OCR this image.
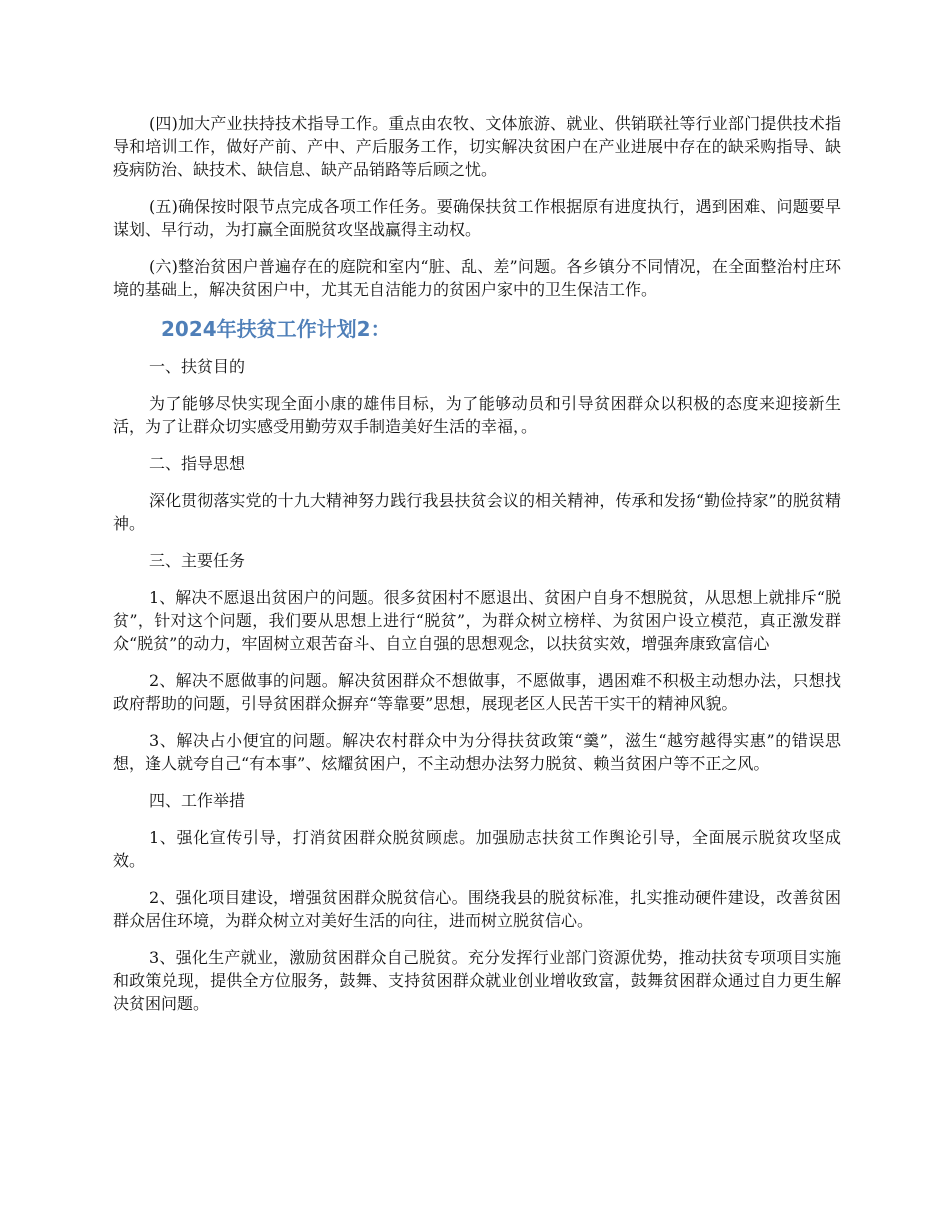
(四)加大产业扶持技术指导工作。重点由农牧、文体旅游、就业、供销联社等行业部门提供技术指导和培训工作，做好产前、产中、产后服务工作，切实解决贫困户在产业进展中存在的缺采购指导、缺疫病防治、缺技术、缺信息、缺产品销路等后顾之忧。

(五)确保按时限节点完成各项工作任务。要确保扶贫工作根据原有进度执行，遇到困难、问题要早谋划、早行动，为打赢全面脱贫攻坚战赢得主动权。

(六)整治贫困户普遍存在的庭院和室内“脏、乱、差”问题。各乡镇分不同情况，在全面整治村庄环境的基础上，解决贫困户中，尤其无自洁能力的贫困户家中的卫生保洁工作。

2024年扶贫工作计划2：

一、扶贫目的

为了能够尽快实现全面小康的雄伟目标，为了能够动员和引导贫困群众以积极的态度来迎接新生活，为了让群众切实感受用勤劳双手制造美好生活的幸福，。

二、指导思想

深化贯彻落实党的十九大精神努力践行我县扶贫会议的相关精神，传承和发扬“勤俭持家”的脱贫精神。

三、主要任务

1、解决不愿退出贫困户的问题。很多贫困村不愿退出、贫困户自身不想脱贫，从思想上就排斥“脱贫”，针对这个问题，我们要从思想上进行“脱贫”，为群众树立榜样、为贫困户设立模范，真正激发群众“脱贫”的动力，牢固树立艰苦奋斗、自立自强的思想观念，以扶贫实效，增强奔康致富信心

2、解决不愿做事的问题。解决贫困群众不想做事，不愿做事，遇困难不积极主动想办法，只想找政府帮助的问题，引导贫困群众摒弃“等靠要”思想，展现老区人民苦干实干的精神风貌。

3、解决占小便宜的问题。解决农村群众中为分得扶贫政策“羹”，滋生“越穷越得实惠”的错误思想，逢人就夸自己“有本事”、炫耀贫困户，不主动想办法努力脱贫、赖当贫困户等不正之风。

四、工作举措

1、强化宣传引导，打消贫困群众脱贫顾虑。加强励志扶贫工作舆论引导，全面展示脱贫攻坚成效。

2、强化项目建设，增强贫困群众脱贫信心。围绕我县的脱贫标准，扎实推动硬件建设，改善贫困群众居住环境，为群众树立对美好生活的向往，进而树立脱贫信心。

3、强化生产就业，激励贫困群众自己脱贫。充分发挥行业部门资源优势，推动扶贫专项项目实施和政策兑现，提供全方位服务，鼓舞、支持贫困群众就业创业增收致富，鼓舞贫困群众通过自力更生解决贫困问题。
